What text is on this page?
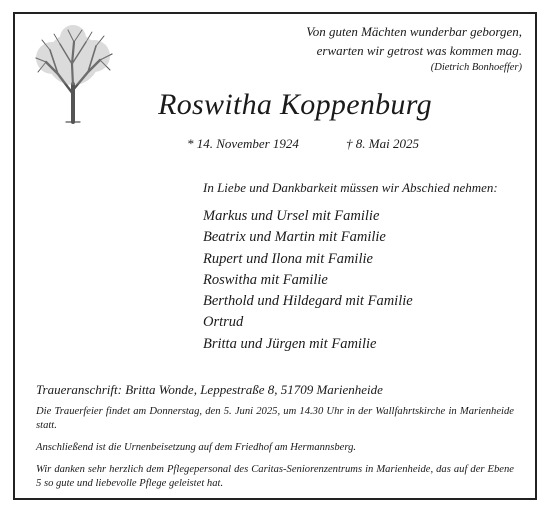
Von guten Mächten wunderbar geborgen,
erwarten wir getrost was kommen mag.
(Dietrich Bonhoeffer)
Roswitha Koppenburg
* 14. November 1924	† 8. Mai 2025
In Liebe und Dankbarkeit müssen wir Abschied nehmen:
Markus und Ursel mit Familie
Beatrix und Martin mit Familie
Rupert und Ilona mit Familie
Roswitha mit Familie
Berthold und Hildegard mit Familie
Ortrud
Britta und Jürgen mit Familie
Traueranschrift: Britta Wonde, Leppestraße 8, 51709 Marienheide
Die Trauerfeier findet am Donnerstag, den 5. Juni 2025, um 14.30 Uhr in der Wallfahrtskirche in Marienheide statt.
Anschließend ist die Urnenbeisetzung auf dem Friedhof am Hermannsberg.
Wir danken sehr herzlich dem Pflegepersonal des Caritas-Seniorenzentrums in Marienheide, das auf der Ebene 5 so gute und liebevolle Pflege geleistet hat.
